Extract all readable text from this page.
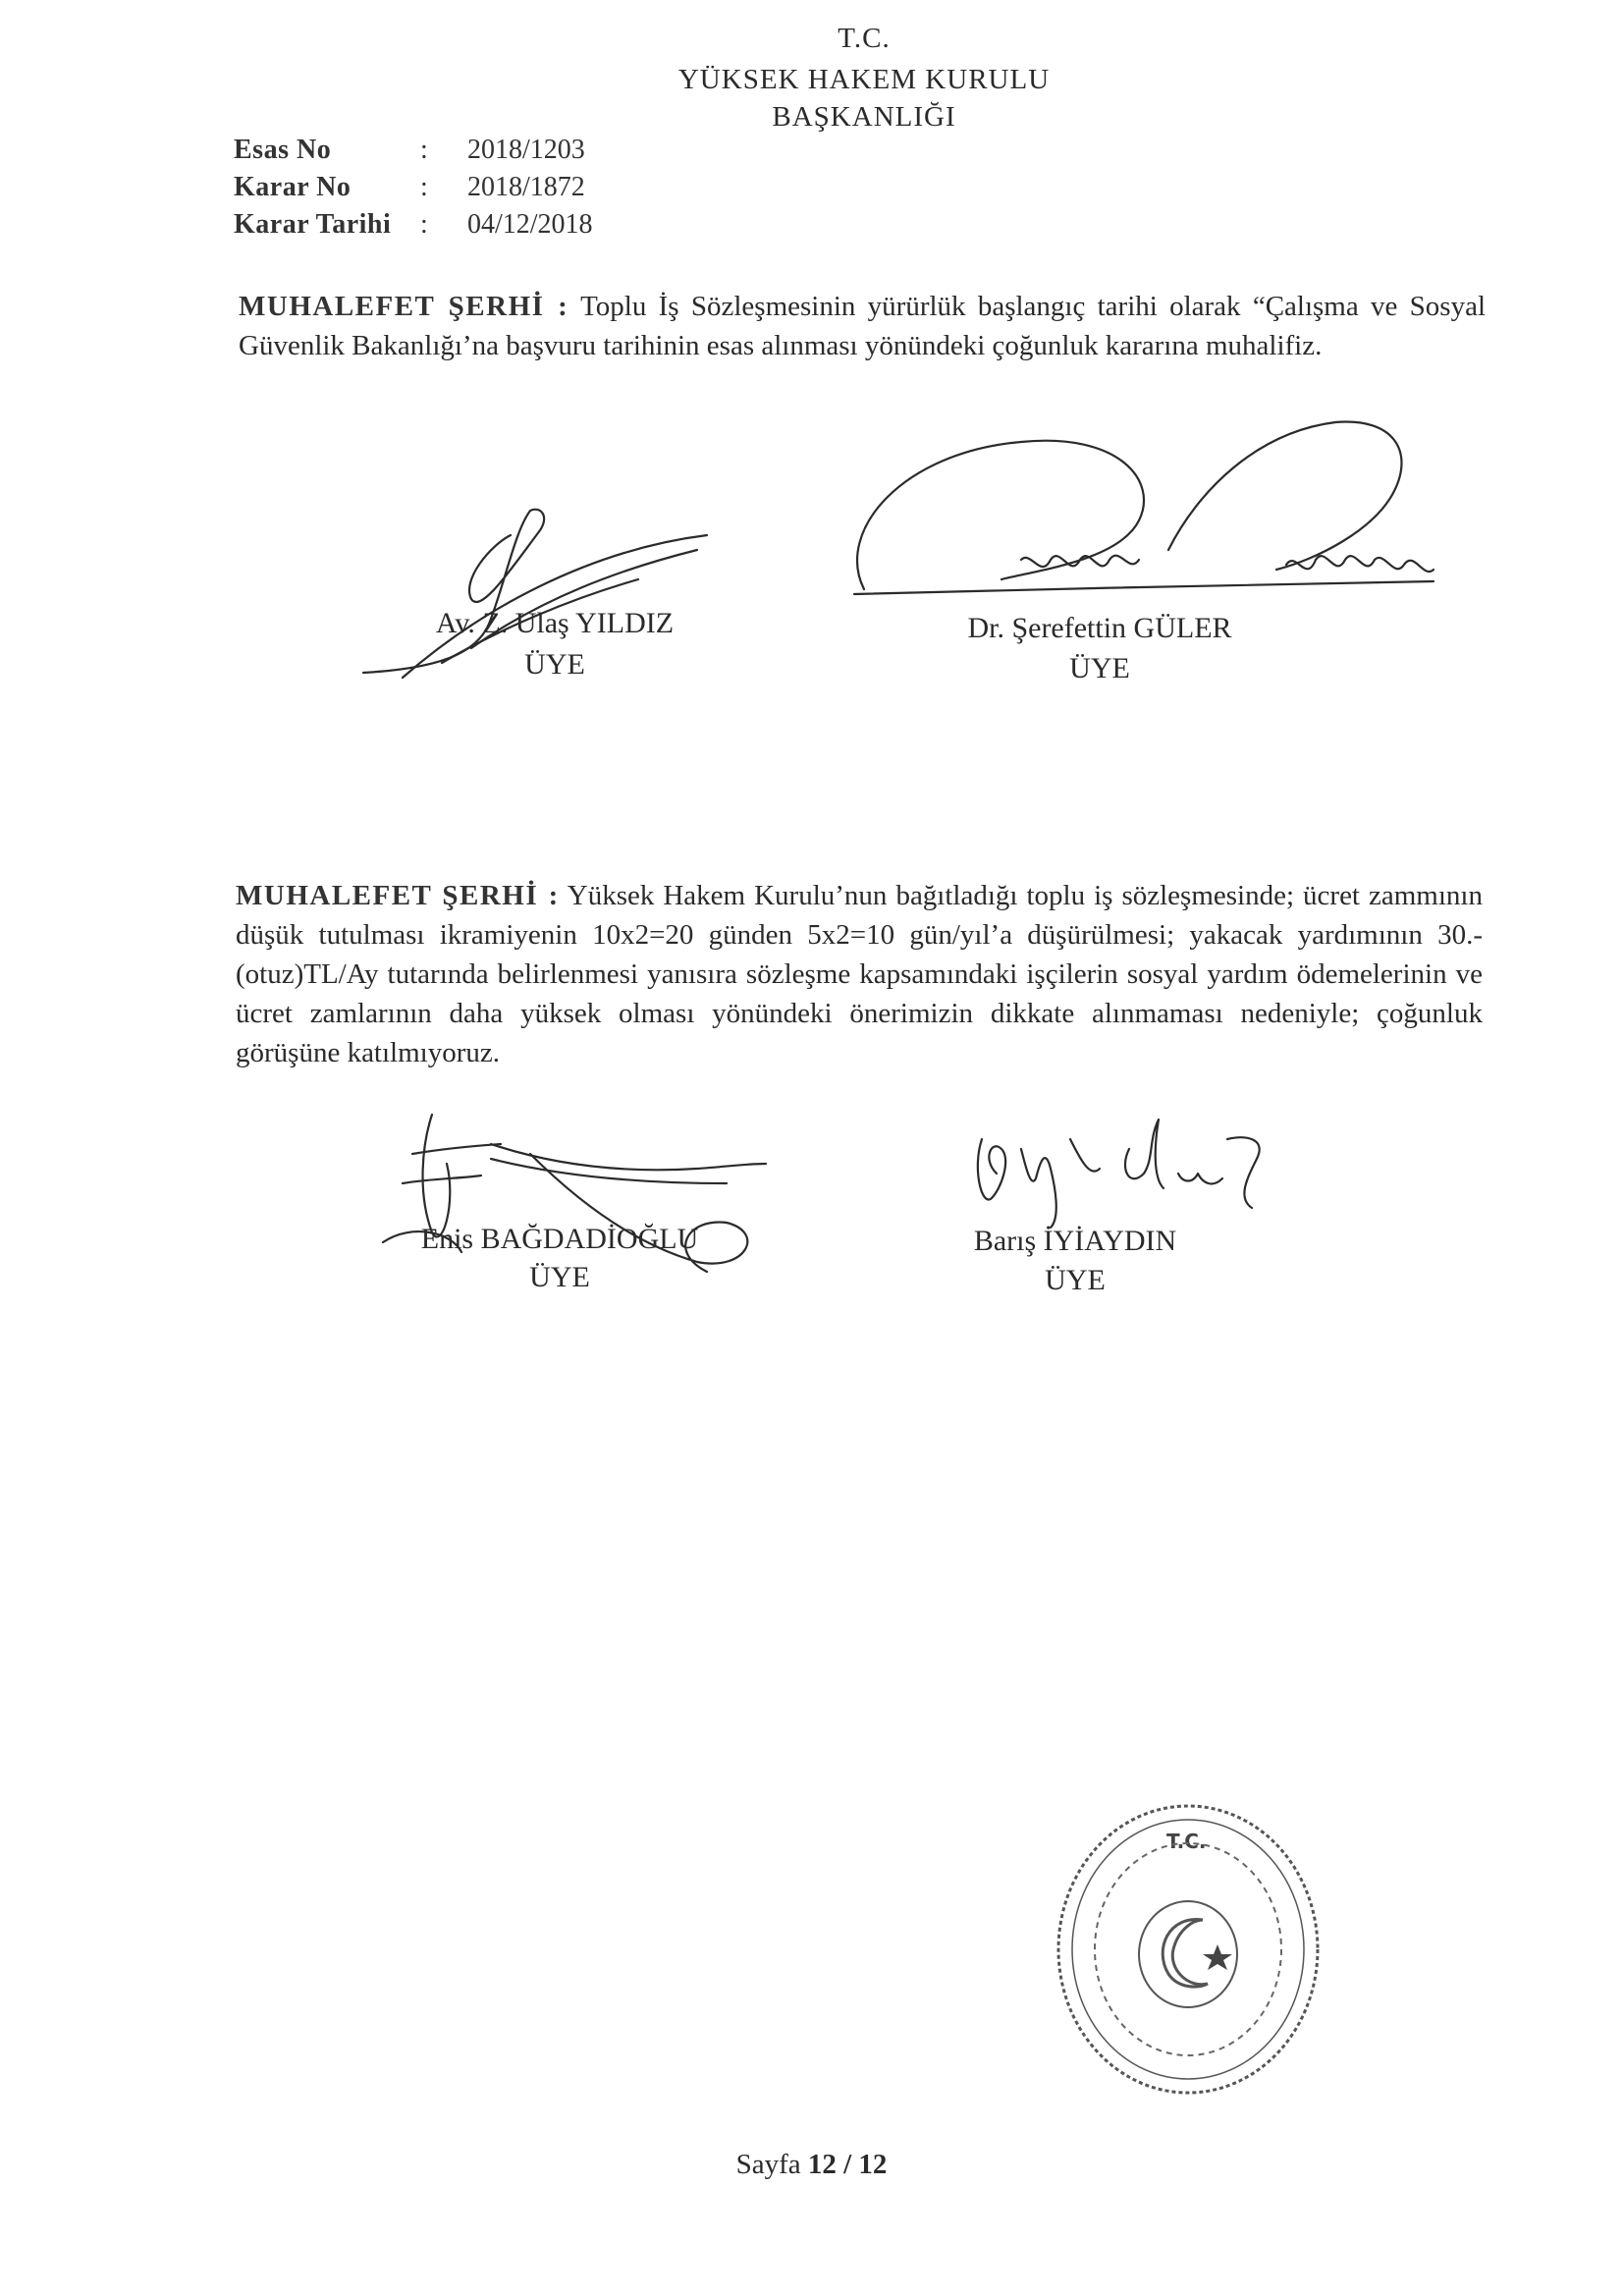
T.C.
YÜKSEK HAKEM KURULU
BAŞKANLIĞI
Esas No	: 2018/1203
Karar No	: 2018/1872
Karar Tarihi : 04/12/2018
MUHALEFET ŞERHİ : Toplu İş Sözleşmesinin yürürlük başlangıç tarihi olarak “Çalışma ve Sosyal Güvenlik Bakanlığı’na başvuru tarihinin esas alınması yönündeki çoğunluk kararına muhalifiz.
Av. Z. Ulaş YILDIZ
ÜYE
Dr. Şerefettin GÜLER
ÜYE
MUHALEFET ŞERHİ : Yüksek Hakem Kurulu’nun bağıtladığı toplu iş sözleşmesinde; ücret zammının düşük tutulması ikramiyenin 10x2=20 günden 5x2=10 gün/yıl’a düşürülmesi; yakacak yardımının 30.-(otuz)TL/Ay tutarında belirlenmesi yanısıra sözleşme kapsamındaki işçilerin sosyal yardım ödemelerinin ve ücret zamlarının daha yüksek olması yönündeki önerimizin dikkate alınmaması nedeniyle; çoğunluk görüşüne katılmıyoruz.
Enis BAĞDADİOĞLU
ÜYE
Barış İYİAYDIN
ÜYE
T.C.
Sayfa 12 / 12
